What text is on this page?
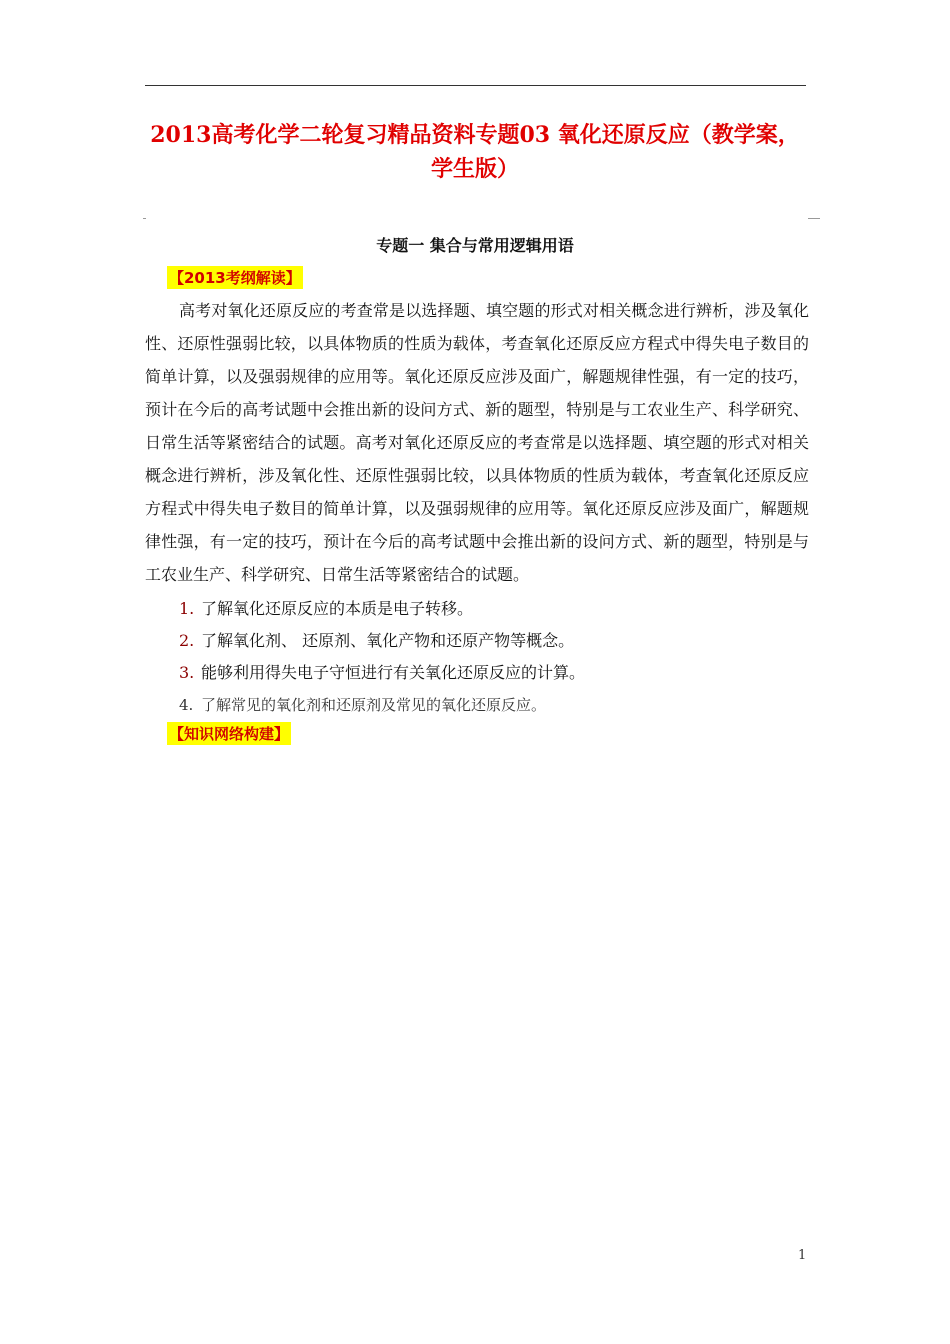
2013高考化学二轮复习精品资料专题03 氧化还原反应（教学案，学生版）
专题一 集合与常用逻辑用语
【2013考纲解读】

高考对氧化还原反应的考查常是以选择题、填空题的形式对相关概念进行辨析，涉及氧化性、还原性强弱比较，以具体物质的性质为载体，考查氧化还原反应方程式中得失电子数目的简单计算，以及强弱规律的应用等。氧化还原反应涉及面广，解题规律性强，有一定的技巧，预计在今后的高考试题中会推出新的设问方式、新的题型，特别是与工农业生产、科学研究、日常生活等紧密结合的试题。高考对氧化还原反应的考查常是以选择题、填空题的形式对相关概念进行辨析，涉及氧化性、还原性强弱比较，以具体物质的性质为载体，考查氧化还原反应方程式中得失电子数目的简单计算，以及强弱规律的应用等。氧化还原反应涉及面广，解题规律性强，有一定的技巧，预计在今后的高考试题中会推出新的设问方式、新的题型，特别是与工农业生产、科学研究、日常生活等紧密结合的试题。

1. 了解氧化还原反应的本质是电子转移。
2. 了解氧化剂、 还原剂、氧化产物和还原产物等概念。
3. 能够利用得失电子守恒进行有关氧化还原反应的计算。
4. 了解常见的氧化剂和还原剂及常见的氧化还原反应。
【知识网络构建】
1
